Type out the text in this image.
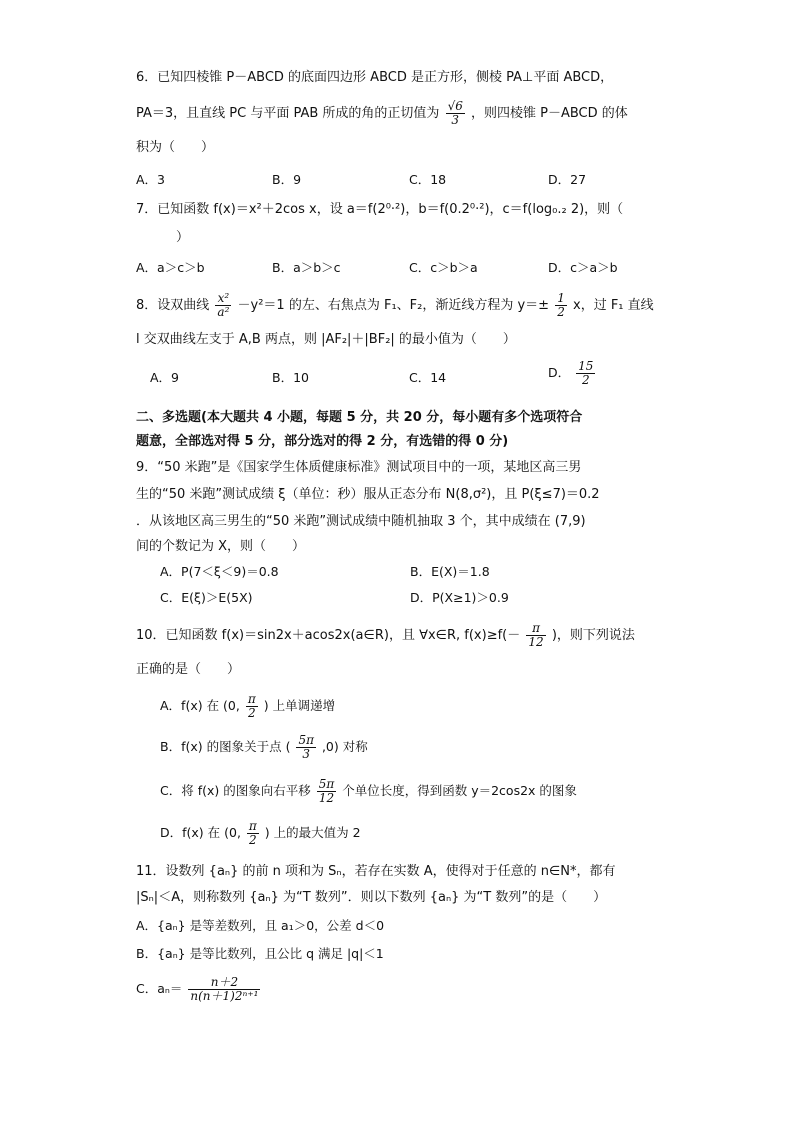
6．已知四棱锥 P－ABCD 的底面四边形 ABCD 是正方形，侧棱 PA⊥平面 ABCD，
PA＝3，且直线 PC 与平面 PAB 所成的角的正切值为 $\frac{√6}{3}$ ，则四棱锥 P－ABCD 的体
积为（　　）
A．3	B．9	C．18	D．27
7．已知函数 f(x)＝x²＋2cos x，设 a＝f(2⁰·²)，b＝f(0.2⁰·²)，c＝f(log₀.₂ 2)，则（
）
A．a＞c＞b	B．a＞b＞c	C．c＞b＞a	D．c＞a＞b
8．设双曲线 $\frac{\text{x²}}{\text{a²}} -y^2=1$ 的左、右焦点为 F₁、F₂，渐近线方程为 $y=\pm \frac{1}{2}$ x，过 F₁ 直线
l 交双曲线左支于 A,B 两点，则 |AF₂|＋|BF₂| 的最小值为（　　）
A．9	B．10	C．14	D． $\frac{15}{2}$
二、多选题(本大题共 4 小题，每题 5 分，共 20 分，每小题有多个选项符合
题意，全部选对得 5 分，部分选对的得 2 分，有选错的得 0 分)
9．“50 米跑”是《国家学生体质健康标准》测试项目中的一项，某地区高三男
生的“50 米跑”测试成绩 ξ（单位：秒）服从正态分布 N(8,σ²)，且 P(ξ≤7)＝0.2
．从该地区高三男生的“50 米跑”测试成绩中随机抽取 3 个，其中成绩在 (7,9)
间的个数记为 X，则（　　）
A．P(7＜ξ＜9)＝0.8	B．E(X)＝1.8
C．E(ξ)＞E(5X)	D．P(X≥1)＞0.9
10．已知函数 f(x)＝sin2x＋acos2x(a∈R)，且 ∀x∈R, $f(x)\ge f(- \frac{\pi}{12}$ )，则下列说法
正确的是（　　）
A．f(x) 在 (0, $\frac{\pi}{2}$ ) 上单调递增
B．f(x) 的图象关于点 ( $\frac{5\pi}{3} ,0$) 对称
C．将 f(x) 的图象向右平移 $\frac{5\pi}{12}$ 个单位长度，得到函数 y＝2cos2x 的图象
D．f(x) 在 (0, $\frac{\pi}{2}$ ) 上的最大值为 2
11．设数列 {aₙ} 的前 n 项和为 Sₙ，若存在实数 A，使得对于任意的 n∈N*，都有
|Sₙ|＜A，则称数列 {aₙ} 为“T 数列”．则以下数列 {aₙ} 为“T 数列”的是（　　）
A．{aₙ} 是等差数列，且 a₁＞0，公差 d＜0
B．{aₙ} 是等比数列，且公比 q 满足 |q|＜1
C．$a_n= \frac{n+2}{\text{n(n＋1)2ⁿ⁺¹}}$
